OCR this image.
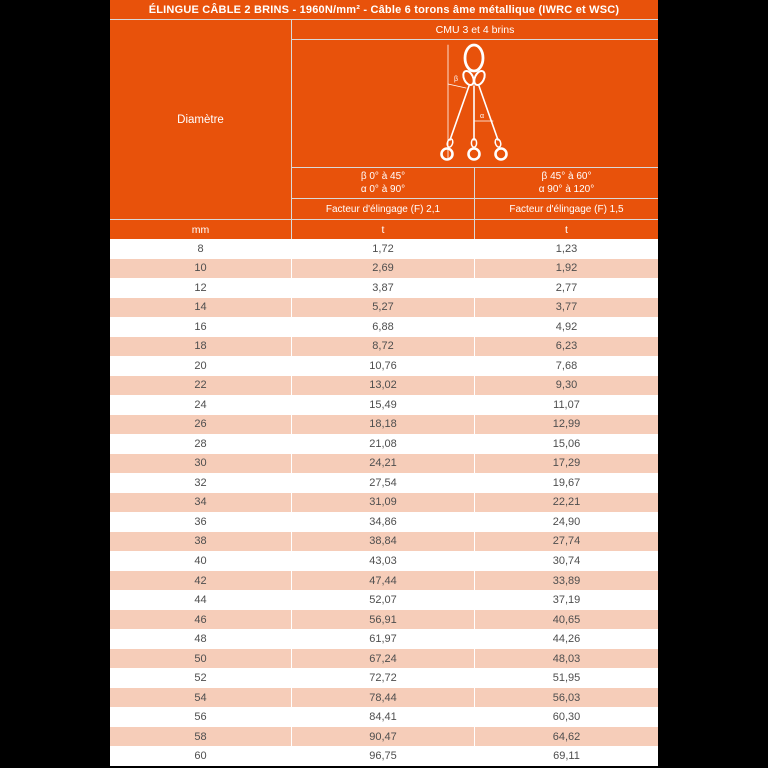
ÉLINGUE CÂBLE 2 BRINS - 1960N/mm² - Câble 6 torons âme métallique (IWRC et WSC)
Diamètre
CMU 3 et 4 brins
β
α
β 0° à 45°
α 0° à 90°
β 45° à 60°
α 90° à 120°
Facteur d'élingage (F) 2,1	Facteur d'élingage (F) 1,5
mm	t	t
8	1,72	1,23
10	2,69	1,92
12	3,87	2,77
14	5,27	3,77
16	6,88	4,92
18	8,72	6,23
20	10,76	7,68
22	13,02	9,30
24	15,49	11,07
26	18,18	12,99
28	21,08	15,06
30	24,21	17,29
32	27,54	19,67
34	31,09	22,21
36	34,86	24,90
38	38,84	27,74
40	43,03	30,74
42	47,44	33,89
44	52,07	37,19
46	56,91	40,65
48	61,97	44,26
50	67,24	48,03
52	72,72	51,95
54	78,44	56,03
56	84,41	60,30
58	90,47	64,62
60	96,75	69,11
